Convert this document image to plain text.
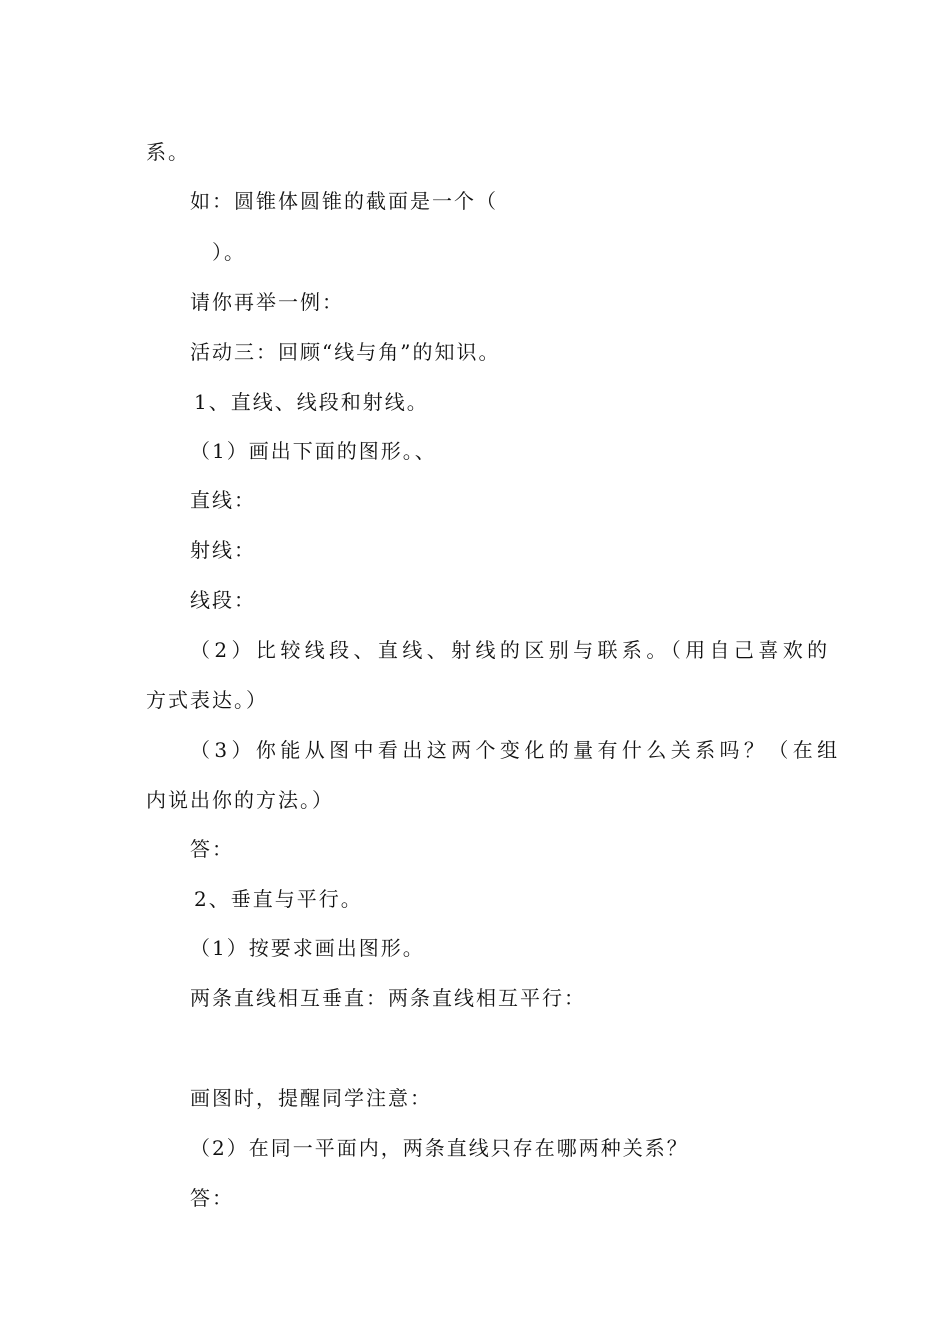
系。
如：圆锥体圆锥的截面是一个（
）。
请你再举一例：
活动三：回顾“线与角”的知识。
1、直线、线段和射线。
（1）画出下面的图形。、
直线：
射线：
线段：
（2）比较线段、直线、射线的区别与联系。（用自己喜欢的
方式表达。）
（3）你能从图中看出这两个变化的量有什么关系吗？（在组
内说出你的方法。）
答：
2、垂直与平行。
（1）按要求画出图形。
两条直线相互垂直：两条直线相互平行：
画图时，提醒同学注意：
（2）在同一平面内，两条直线只存在哪两种关系？
答：
